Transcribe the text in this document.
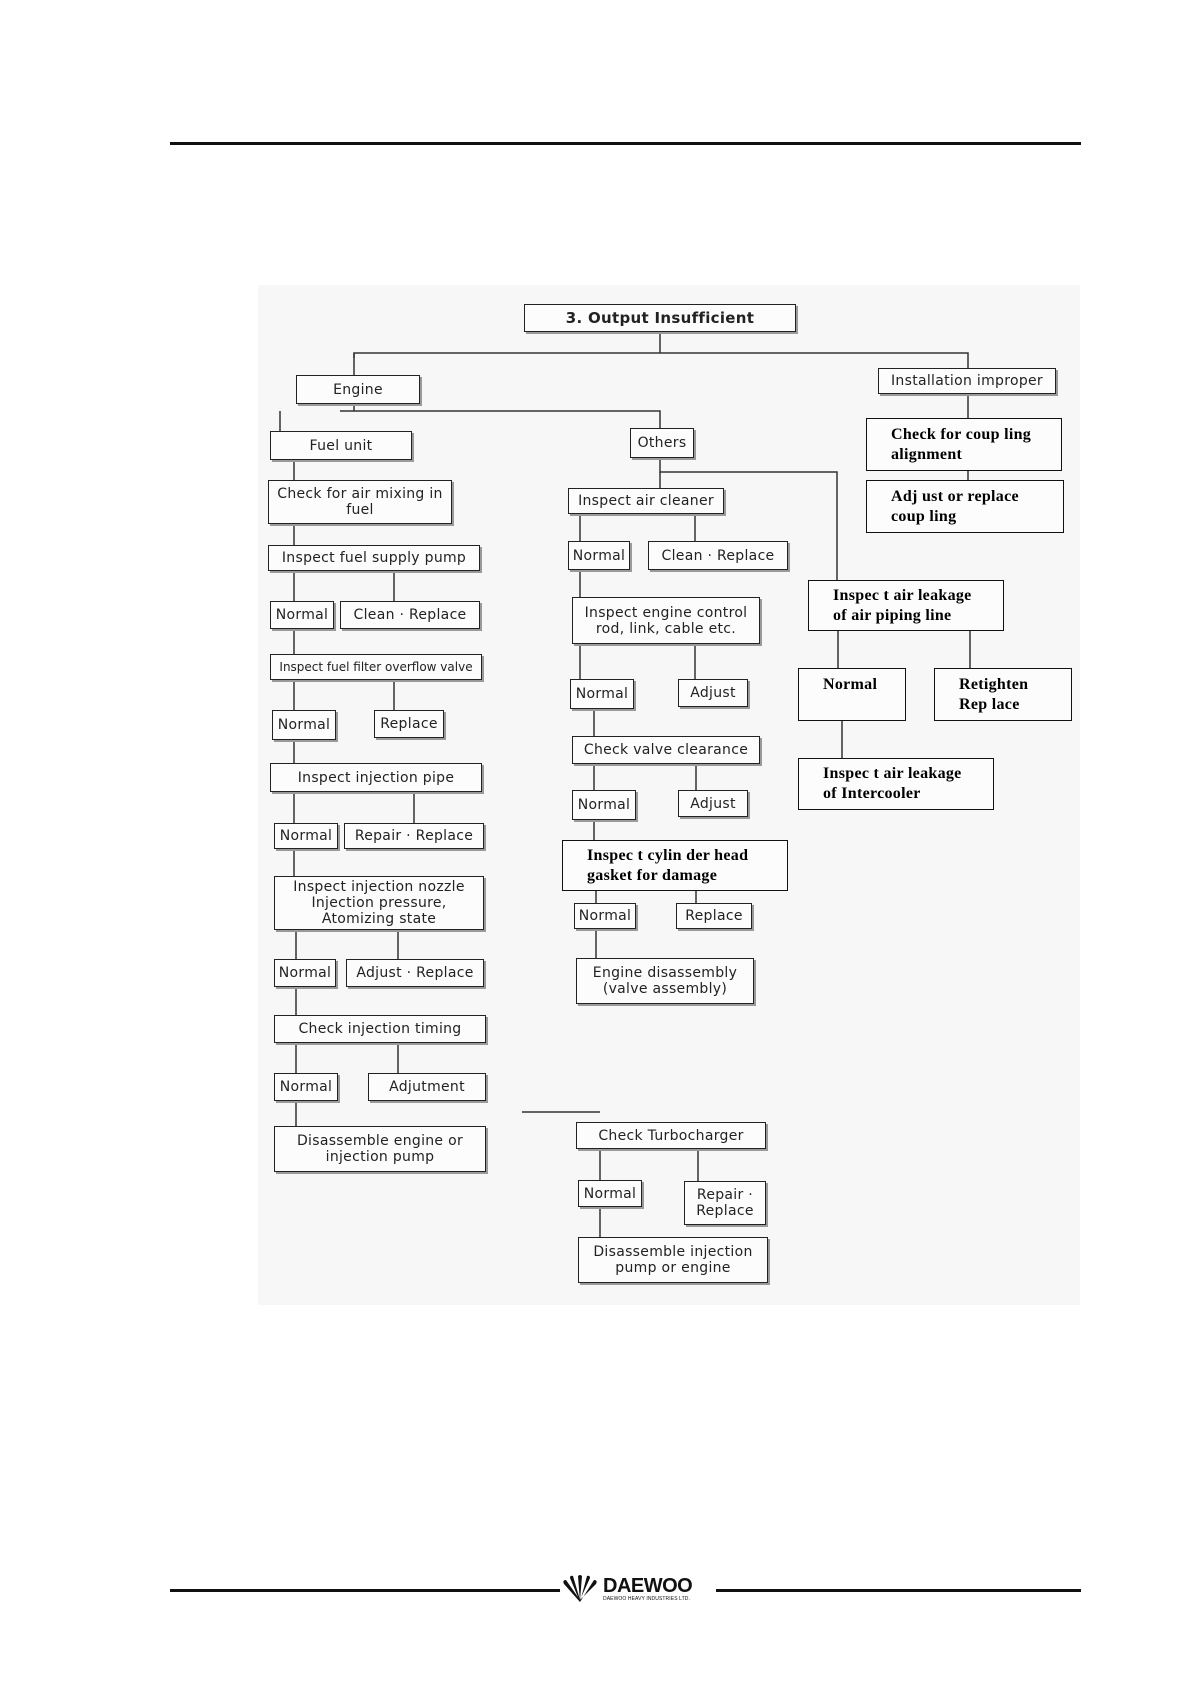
3. Output Insufficient
Engine
Fuel unit	Others
Installation improper
Check for coup ling
alignment
Adj ust or replace
coup ling
Check for air mixing in
fuel
Inspect fuel supply pump
Normal	Clean · Replace
Inspect fuel filter overflow valve
Normal	Replace
Inspect injection pipe
Normal	Repair · Replace
Inspect injection nozzle
Injection pressure,
Atomizing state
Normal	Adjust · Replace
Check injection timing
Normal	Adjutment
Disassemble engine or
injection pump
Inspect air cleaner
Normal	Clean · Replace
Inspect engine control
rod, link, cable etc.
Normal	Adjust
Check valve clearance
Normal	Adjust
Inspec t cylin der head
gasket for damage
Normal	Replace
Engine disassembly
(valve assembly)
Inspec t air leakage
of air piping line
Normal	Retighten
Rep lace
Inspec t air leakage
of Intercooler
Check Turbocharger
Normal	Repair ·
Replace
Disassemble injection
pump or engine
DAEWOO
DAEWOO HEAVY INDUSTRIES LTD.
